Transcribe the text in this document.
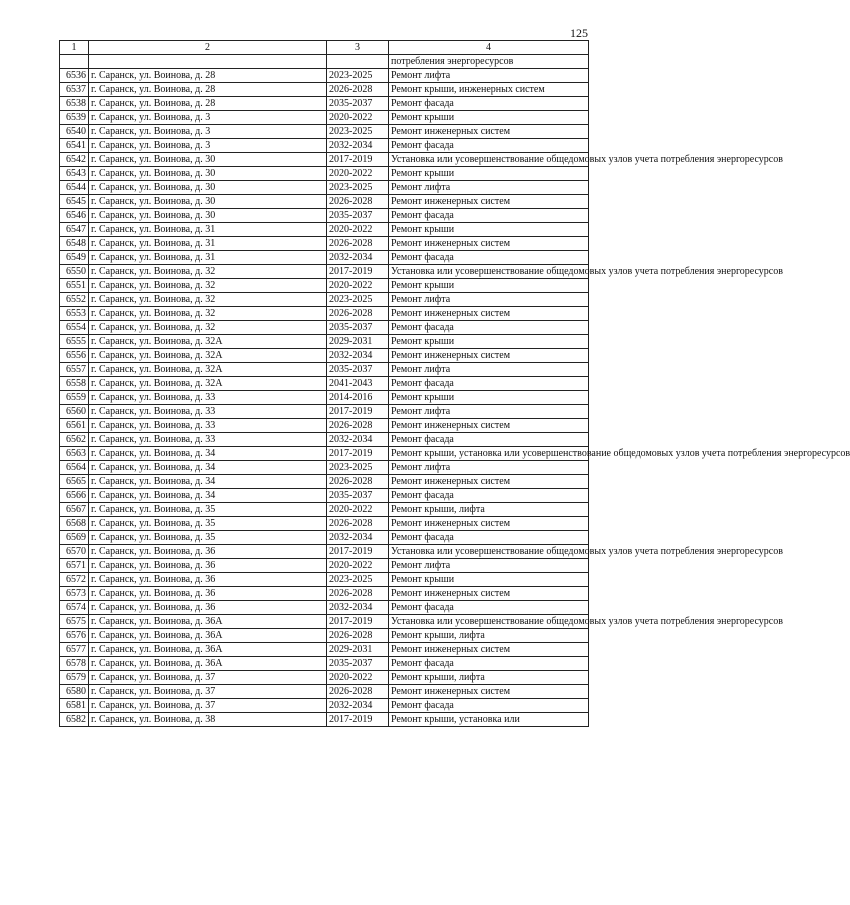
125
1	2	3	4
			потребления энергоресурсов
6536	г. Саранск, ул. Воинова, д. 28	2023-2025	Ремонт лифта
6537	г. Саранск, ул. Воинова, д. 28	2026-2028	Ремонт крыши, инженерных систем
6538	г. Саранск, ул. Воинова, д. 28	2035-2037	Ремонт фасада
6539	г. Саранск, ул. Воинова, д. 3	2020-2022	Ремонт крыши
6540	г. Саранск, ул. Воинова, д. 3	2023-2025	Ремонт инженерных систем
6541	г. Саранск, ул. Воинова, д. 3	2032-2034	Ремонт фасада
6542	г. Саранск, ул. Воинова, д. 30	2017-2019	Установка или усовершенствование общедомовых узлов учета потребления энергоресурсов
6543	г. Саранск, ул. Воинова, д. 30	2020-2022	Ремонт крыши
6544	г. Саранск, ул. Воинова, д. 30	2023-2025	Ремонт лифта
6545	г. Саранск, ул. Воинова, д. 30	2026-2028	Ремонт инженерных систем
6546	г. Саранск, ул. Воинова, д. 30	2035-2037	Ремонт фасада
6547	г. Саранск, ул. Воинова, д. 31	2020-2022	Ремонт крыши
6548	г. Саранск, ул. Воинова, д. 31	2026-2028	Ремонт инженерных систем
6549	г. Саранск, ул. Воинова, д. 31	2032-2034	Ремонт фасада
6550	г. Саранск, ул. Воинова, д. 32	2017-2019	Установка или усовершенствование общедомовых узлов учета потребления энергоресурсов
6551	г. Саранск, ул. Воинова, д. 32	2020-2022	Ремонт крыши
6552	г. Саранск, ул. Воинова, д. 32	2023-2025	Ремонт лифта
6553	г. Саранск, ул. Воинова, д. 32	2026-2028	Ремонт инженерных систем
6554	г. Саранск, ул. Воинова, д. 32	2035-2037	Ремонт фасада
6555	г. Саранск, ул. Воинова, д. 32А	2029-2031	Ремонт крыши
6556	г. Саранск, ул. Воинова, д. 32А	2032-2034	Ремонт инженерных систем
6557	г. Саранск, ул. Воинова, д. 32А	2035-2037	Ремонт лифта
6558	г. Саранск, ул. Воинова, д. 32А	2041-2043	Ремонт фасада
6559	г. Саранск, ул. Воинова, д. 33	2014-2016	Ремонт крыши
6560	г. Саранск, ул. Воинова, д. 33	2017-2019	Ремонт лифта
6561	г. Саранск, ул. Воинова, д. 33	2026-2028	Ремонт инженерных систем
6562	г. Саранск, ул. Воинова, д. 33	2032-2034	Ремонт фасада
6563	г. Саранск, ул. Воинова, д. 34	2017-2019	Ремонт крыши, установка или усовершенствование общедомовых узлов учета потребления энергоресурсов
6564	г. Саранск, ул. Воинова, д. 34	2023-2025	Ремонт лифта
6565	г. Саранск, ул. Воинова, д. 34	2026-2028	Ремонт инженерных систем
6566	г. Саранск, ул. Воинова, д. 34	2035-2037	Ремонт фасада
6567	г. Саранск, ул. Воинова, д. 35	2020-2022	Ремонт крыши, лифта
6568	г. Саранск, ул. Воинова, д. 35	2026-2028	Ремонт инженерных систем
6569	г. Саранск, ул. Воинова, д. 35	2032-2034	Ремонт фасада
6570	г. Саранск, ул. Воинова, д. 36	2017-2019	Установка или усовершенствование общедомовых узлов учета потребления энергоресурсов
6571	г. Саранск, ул. Воинова, д. 36	2020-2022	Ремонт лифта
6572	г. Саранск, ул. Воинова, д. 36	2023-2025	Ремонт крыши
6573	г. Саранск, ул. Воинова, д. 36	2026-2028	Ремонт инженерных систем
6574	г. Саранск, ул. Воинова, д. 36	2032-2034	Ремонт фасада
6575	г. Саранск, ул. Воинова, д. 36А	2017-2019	Установка или усовершенствование общедомовых узлов учета потребления энергоресурсов
6576	г. Саранск, ул. Воинова, д. 36А	2026-2028	Ремонт крыши, лифта
6577	г. Саранск, ул. Воинова, д. 36А	2029-2031	Ремонт инженерных систем
6578	г. Саранск, ул. Воинова, д. 36А	2035-2037	Ремонт фасада
6579	г. Саранск, ул. Воинова, д. 37	2020-2022	Ремонт крыши, лифта
6580	г. Саранск, ул. Воинова, д. 37	2026-2028	Ремонт инженерных систем
6581	г. Саранск, ул. Воинова, д. 37	2032-2034	Ремонт фасада
6582	г. Саранск, ул. Воинова, д. 38	2017-2019	Ремонт крыши, установка или
